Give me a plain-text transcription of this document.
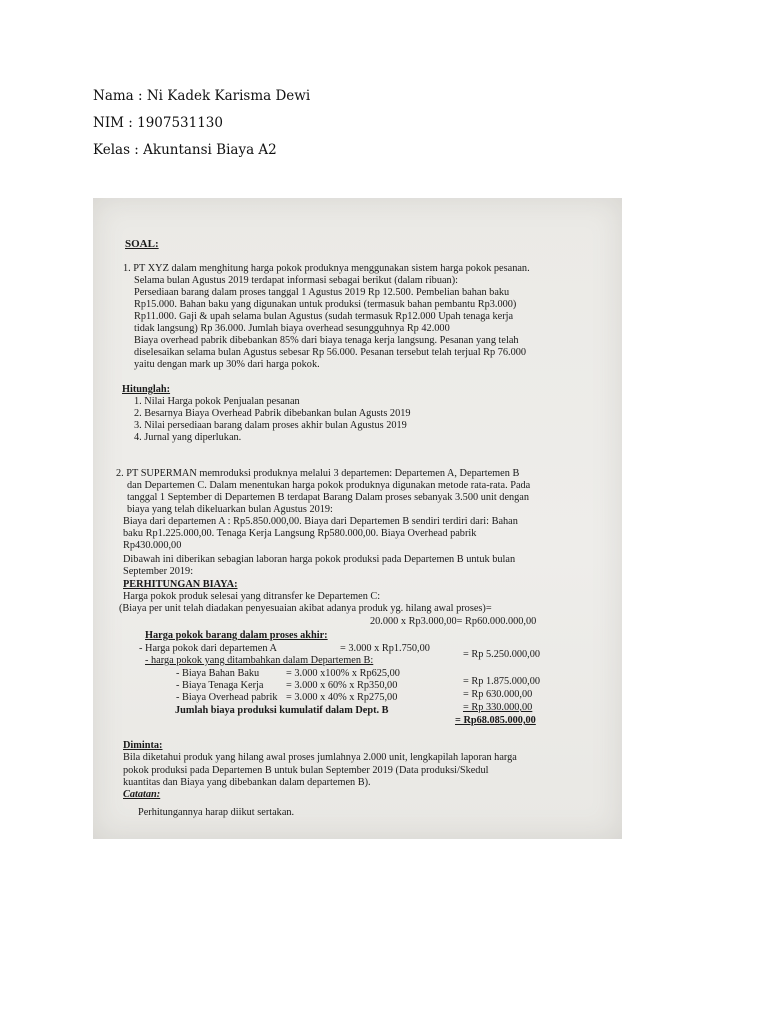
Nama : Ni Kadek Karisma Dewi
NIM : 1907531130
Kelas : Akuntansi Biaya A2
SOAL:
1. PT XYZ dalam menghitung harga pokok produknya menggunakan sistem harga pokok pesanan.
Selama bulan Agustus 2019 terdapat informasi sebagai berikut (dalam ribuan):
Persediaan barang dalam proses tanggal 1 Agustus 2019 Rp 12.500. Pembelian bahan baku
Rp15.000. Bahan baku yang digunakan untuk produksi (termasuk bahan pembantu Rp3.000)
Rp11.000. Gaji & upah selama bulan Agustus (sudah termasuk Rp12.000 Upah tenaga kerja
tidak langsung) Rp 36.000. Jumlah biaya overhead sesungguhnya Rp 42.000
Biaya overhead pabrik dibebankan 85% dari biaya tenaga kerja langsung. Pesanan yang telah
diselesaikan selama bulan Agustus sebesar Rp 56.000. Pesanan tersebut telah terjual Rp 76.000
yaitu dengan mark up 30% dari harga pokok.
Hitunglah:
1. Nilai Harga pokok Penjualan pesanan
2. Besarnya Biaya Overhead Pabrik dibebankan bulan Agusts 2019
3. Nilai persediaan barang dalam proses akhir bulan Agustus 2019
4. Jurnal yang diperlukan.
2. PT SUPERMAN memroduksi produknya melalui 3 departemen: Departemen A, Departemen B
dan Departemen C. Dalam menentukan harga pokok produknya digunakan metode rata-rata. Pada
tanggal 1 September di Departemen B terdapat Barang Dalam proses sebanyak 3.500 unit dengan
biaya yang telah dikeluarkan bulan Agustus 2019:
Biaya dari departemen A : Rp5.850.000,00. Biaya dari Departemen B sendiri terdiri dari: Bahan
baku Rp1.225.000,00. Tenaga Kerja Langsung Rp580.000,00. Biaya Overhead pabrik
Rp430.000,00
Dibawah ini diberikan sebagian laboran harga pokok produksi pada Departemen B untuk bulan
September 2019:
PERHITUNGAN BIAYA:
Harga pokok produk selesai yang ditransfer ke Departemen C:
(Biaya per unit telah diadakan penyesuaian akibat adanya produk yg. hilang awal proses)=
20.000 x Rp3.000,00= Rp60.000.000,00
Harga pokok barang dalam proses akhir:
- Harga pokok dari departemen A	= 3.000 x Rp1.750,00
= Rp 5.250.000,00
- harga pokok yang ditambahkan dalam Departemen B:
- Biaya Bahan Baku	= 3.000 x100% x Rp625,00
= Rp 1.875.000,00
- Biaya Tenaga Kerja = 3.000 x 60% x Rp350,00
= Rp 630.000,00
- Biaya Overhead pabrik = 3.000 x 40% x Rp275,00
= Rp 330.000,00
Jumlah biaya produksi kumulatif dalam Dept. B
= Rp68.085.000,00
Diminta:
Bila diketahui produk yang hilang awal proses jumlahnya 2.000 unit, lengkapilah laporan harga
pokok produksi pada Departemen B untuk bulan September 2019 (Data produksi/Skedul
kuantitas dan Biaya yang dibebankan dalam departemen B).
Catatan:
Perhitungannya harap diikut sertakan.
